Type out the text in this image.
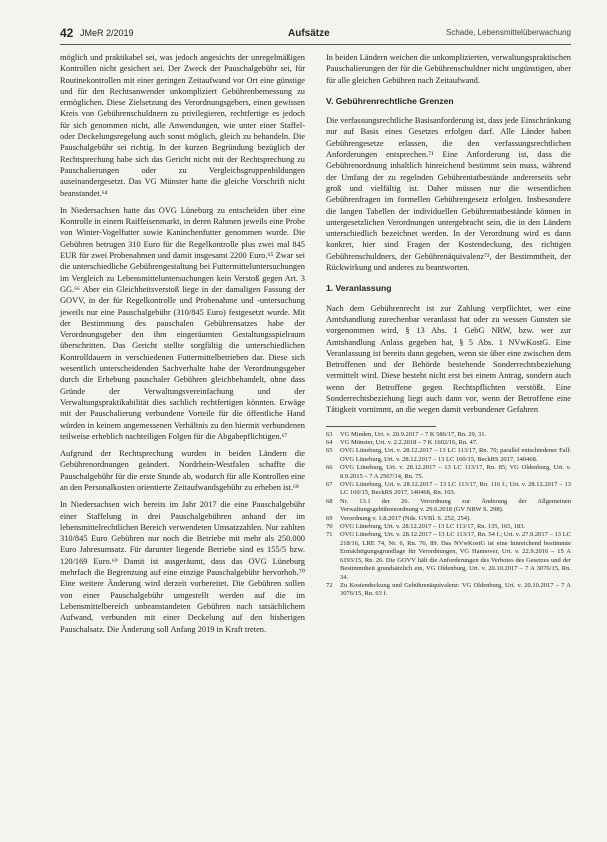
42 JMeR 2/2019	Aufsätze	Schade, Lebensmittelüberwachung

möglich und praktikabel sei, was jedoch angesichts der unregelmäßigen Kontrollen nicht gesichert sei. Der Zweck der Pauschalgebühr sei, für Routinekontrollen mit einer geringen Zeitaufwand vor Ort eine günstige und für den Rechtsanwender unkompliziert Gebührenbemessung zu ermöglichen. Diese Zielsetzung des Verordnungsgebers, einen gewissen Kreis von Gebührenschuldnern zu privilegieren, rechtfertige es jedoch für sich genommen nicht, alle Anwendungen, wie unter einer Staffel- oder Deckelungsregelung auch sonst möglich, gleich zu behandeln. Die Pauschalgebühr sei richtig. In der kurzen Begründung bezüglich der Rechtsprechung habe sich das Gericht nicht mit der Rechtsprechung zu Pauschalierungen oder zu Vergleichsgruppenbildungen auseinandergesetzt. Das VG Münster hatte die gleiche Vorschrift nicht beanstandet.⁶⁴

In Niedersachsen hatte das OVG Lüneburg zu entscheiden über eine Kontrolle in einem Raiffeisenmarkt, in deren Rahmen jeweils eine Probe von Winter-Vogelfutter sowie Kaninchenfutter genommen wurde. Die Gebühren betrugen 310 Euro für die Regelkontrolle plus zwei mal 845 EUR für zwei Probenahmen und damit insgesamt 2200 Euro.⁶⁵ Zwar sei die unterschiedliche Gebührengestaltung bei Futtermitteluntersuchungen im Vergleich zu Lebensmitteluntersuchungen kein Verstoß gegen Art. 3 GG.⁶⁶ Aber ein Gleichheitsverstoß liege in der damaligen Fassung der GOVV, in der für Regelkontrolle und Probenahme und -untersuchung jeweils nur eine Pauschalgebühr (310/845 Euro) festgesetzt wurde. Mit der Bestimmung des pauschalen Gebührensatzes habe der Verordnungsgeber den ihm eingeräumten Gestaltungsspielraum überschritten. Das Gericht stellte sorgfältig die unterschiedlichen Kontrolldauern in verschiedenen Futtermittelbetrieben dar. Diese sich wesentlich unterscheidenden Sachverhalte habe der Verordnungsgeber durch die Erhebung pauschaler Gebühren gleichbehandelt, ohne dass Gründe der Verwaltungsvereinfachung und der Verwaltungspraktikabilität dies sachlich rechtfertigen könnten. Erwäge mit der Pauschalierung verbundene Vorteile für die öffentliche Hand würden in keinem angemessenen Verhältnis zu den hiermit verbundenen teilweise erheblich nachteiligen Folgen für die Abgabepflichtigen.⁶⁷

Aufgrund der Rechtsprechung wurden in beiden Ländern die Gebührenordnungen geändert. Nordrhein-Westfalen schaffte die Pauschalgebühr für die erste Stunde ab, wodurch für alle Kontrollen eine an den Personalkosten orientierte Zeitaufwandsgebühr zu erheben ist.⁶⁸

In Niedersachsen wich bereits im Jahr 2017 die eine Pauschalgebühr einer Staffelung in drei Pauschalgebühren anhand der im lebensmittelrechtlichen Bereich verwendeten Umsatzzahlen. Nur zahlten 310/845 Euro Gebühren nur noch die Betriebe mit mehr als 250.000 Euro Jahresumsatz. Für darunter liegende Betriebe sind es 155/5 bzw. 120/169 Euro.⁶⁹ Damit ist ausgeräumt, dass das OVG Lüneburg mehrfach die Begrenzung auf eine einzige Pauschalgebühr hervorhob.⁷⁰ Eine weitere Änderung wird derzeit vorbereitet. Die Gebühren sollen von einer Pauschalgebühr umgestellt werden auf die im Lebensmittelbereich unbeanstandeten Gebühren nach tatsächlichem Aufwand, verbunden mit einer Deckelung auf den bisherigen Pauschalsatz. Die Änderung soll Anfang 2019 in Kraft treten.

In beiden Ländern weichen die unkomplizierten, verwaltungspraktischen Pauschalierungen der für die Gebührenschuldner nicht ungünstigen, aber für alle gleichen Gebühren nach Zeitaufwand.

V. Gebührenrechtliche Grenzen

Die verfassungsrechtliche Basisanforderung ist, dass jede Einschränkung nur auf Basis eines Gesetzes erfolgen darf. Alle Länder haben Gebührengesetze erlassen, die den verfassungsrechtlichen Anforderungen entsprechen.⁷¹ Eine Anforderung ist, dass die Gebührenordnung inhaltlich hinreichend bestimmt sein muss, während der Umfang der zu regelnden Gebührentatbestände andererseits sehr groß und vielfältig ist. Daher müssen nur die wesentlichen Gebührenfragen im formellen Gebührengesetz erfolgen. Insbesondere die langen Tabellen der individuellen Gebührentatbestände können in untergesetzlichen Verordnungen untergebracht sein, die in den Ländern unterschiedlich bezeichnet werden. In der Verordnung wird es dann konkret, hier sind Fragen der Kostendeckung, des richtigen Gebührenschuldners, der Gebührenäquivalenz⁷², der Bestimmtheit, der Rückwirkung und anderes zu beantworten.

1. Veranlassung

Nach dem Gebührenrecht ist zur Zahlung verpflichtet, wer eine Amtshandlung zurechenbar veranlasst hat oder zu wessen Gunsten sie vorgenommen wird, § 13 Abs. 1 GebG NRW, bzw. wer zur Amtshandlung Anlass gegeben hat, § 5 Abs. 1 NVwKostG. Eine Veranlassung ist bereits dann gegeben, wenn sie über eine zwischen dem Betroffenen und der Behörde bestehende Sonderrechtsbeziehung vermittelt wird. Diese besteht nicht erst bei einem Antrag, sondern auch wenn der Betroffene gegen Rechtspflichten verstößt. Eine Sonderrechtsbeziehung liegt auch dann vor, wenn der Betroffene eine Tätigkeit vornimmt, an die wegen damit verbundener Gefahren

63	VG Minden, Urt. v. 20.9.2017 – 7 K 586/17, Rn. 29, 31.
64	VG Münster, Urt. v. 2.2.2018 – 7 K 1602/16, Rn. 47.
65	OVG Lüneburg, Urt. v. 28.12.2017 – 13 LC 113/17, Rn. 70; parallel entschiedener Fall: OVG Lüneburg, Urt. v. 28.12.2017 – 13 LC 160/15, BeckRS 2017, 140468.
66	OVG Lüneburg, Urt. v. 28.12.2017 – 13 LC 113/17, Rn. 85; VG Oldenburg, Urt. v. 8.9.2015 – 7 A 2567/14, Rn. 75.
67	OVG Lüneburg, Urt. v. 28.12.2017 – 13 LC 113/17, Rn. 116 f.; Urt. v. 28.12.2017 – 13 LC 160/15, BeckRS 2017, 140468, Rn. 103.
68	Nr. 13.1 der 26. Verordnung zur Änderung der Allgemeinen Verwaltungsgebührenordnung v. 29.6.2018 (GV NRW S. 298).
69	Verordnung v. 1.8.2017 (Nds. GVBl. S. 252, 254).
70	OVG Lüneburg, Urt. v. 28.12.2017 – 13 LC 113/17, Rn. 135, 165, 183.
71	OVG Lüneburg, Urt. v. 28.12.2017 – 13 LC 113/17, Rn. 54 f.; Urt. v. 27.9.2017 – 13 LC 218/16, LRE 74, Nr. 6, Rn. 76, 89. Das NVwKostG ist eine hinreichend bestimmte Ermächtigungsgrundlage für Verordnungen, VG Hannover, Urt. v. 22.9.2016 – 15 A 6193/15, Rn. 26. Die GOVV hält die Anforderungen des Verbotes des Gesetzes und der Bestimmtheit grundsätzlich ein, VG Oldenburg, Urt. v. 20.10.2017 – 7 A 3076/15, Rn. 34.
72	Zu Kostendeckung und Gebührenäquivalenz: VG Oldenburg, Urt. v. 20.10.2017 – 7 A 3076/15, Rn. 63 f.
